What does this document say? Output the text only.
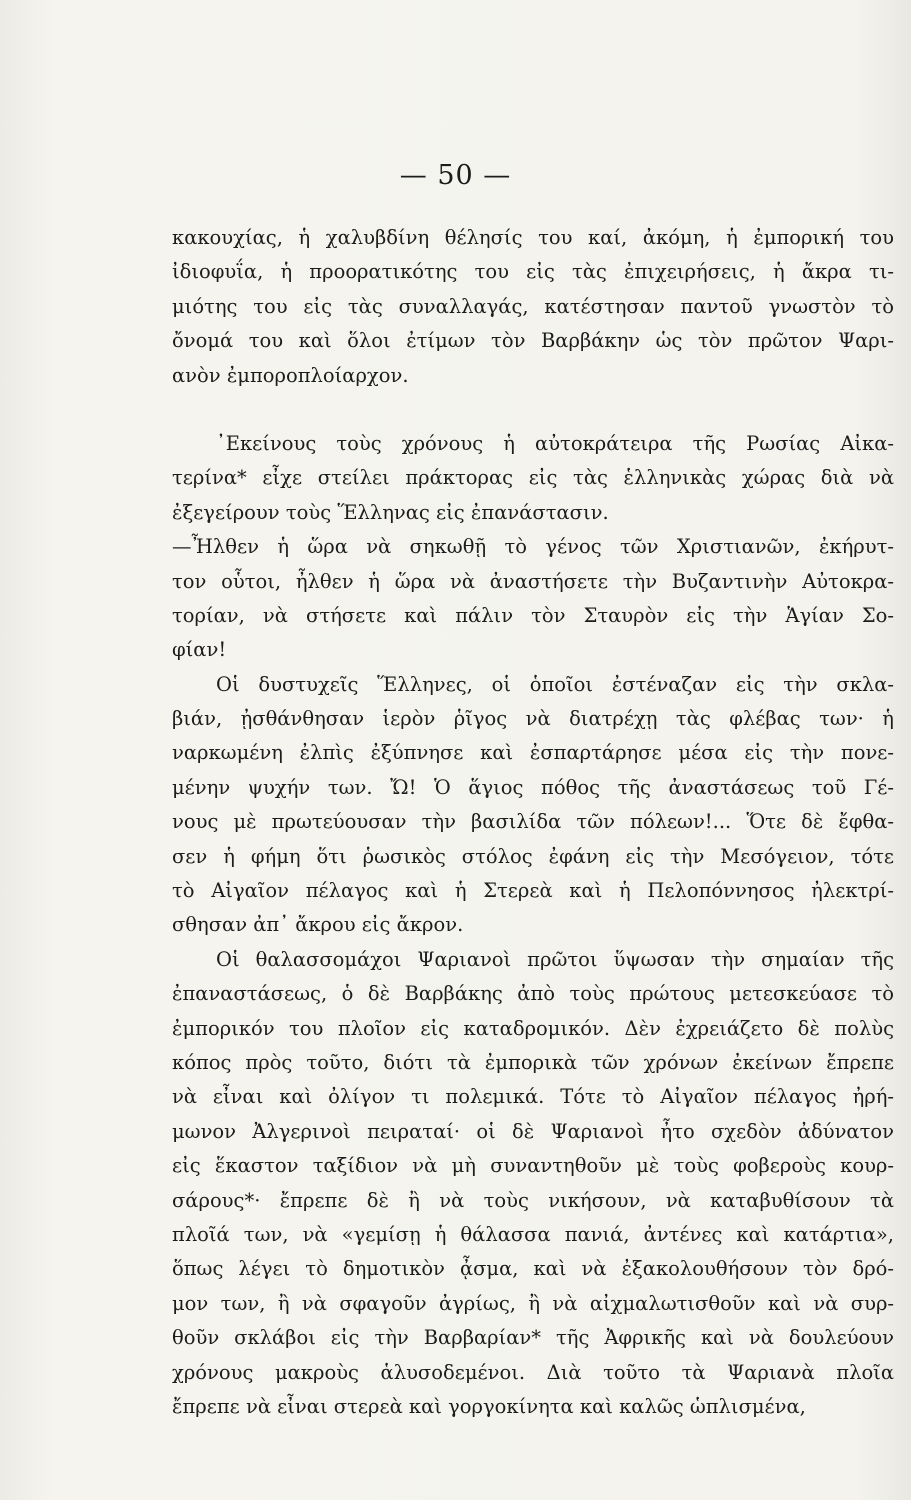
— 50 —
κακουχίας, ἡ χαλυβδίνη θέλησίς του καί, ἀκόμη, ἡ ἐμπορική του
ἰδιοφυΐα, ἡ προορατικότης του εἰς τὰς ἐπιχειρήσεις, ἡ ἄκρα τι-
μιότης του εἰς τὰς συναλλαγάς, κατέστησαν παντοῦ γνωστὸν τὸ
ὄνομά του καὶ ὅλοι ἐτίμων τὸν Βαρβάκην ὡς τὸν πρῶτον Ψαρι-
ανὸν ἐμποροπλοίαρχον.
᾿Εκείνους τοὺς χρόνους ἡ αὐτοκράτειρα τῆς Ρωσίας Αἰκα-
τερίνα* εἶχε στείλει πράκτορας εἰς τὰς ἑλληνικὰς χώρας διὰ νὰ
ἐξεγείρουν τοὺς Ἕλληνας εἰς ἐπανάστασιν.
—Ἦλθεν ἡ ὥρα νὰ σηκωθῇ τὸ γένος τῶν Χριστιανῶν, ἐκήρυτ-
τον οὗτοι, ἦλθεν ἡ ὥρα νὰ ἀναστήσετε τὴν Βυζαντινὴν Αὐτοκρα-
τορίαν, νὰ στήσετε καὶ πάλιν τὸν Σταυρὸν εἰς τὴν Ἁγίαν Σο-
φίαν!
Οἱ δυστυχεῖς Ἕλληνες, οἱ ὁποῖοι ἐστέναζαν εἰς τὴν σκλα-
βιάν, ᾐσθάνθησαν ἱερὸν ῥῖγος νὰ διατρέχῃ τὰς φλέβας των· ἡ
ναρκωμένη ἐλπὶς ἐξύπνησε καὶ ἐσπαρτάρησε μέσα εἰς τὴν πονε-
μένην ψυχήν των. Ὤ! Ὁ ἅγιος πόθος τῆς ἀναστάσεως τοῦ Γέ-
νους μὲ πρωτεύουσαν τὴν βασιλίδα τῶν πόλεων!... Ὅτε δὲ ἔφθα-
σεν ἡ φήμη ὅτι ῥωσικὸς στόλος ἐφάνη εἰς τὴν Μεσόγειον, τότε
τὸ Αἰγαῖον πέλαγος καὶ ἡ Στερεὰ καὶ ἡ Πελοπόννησος ἠλεκτρί-
σθησαν ἀπ᾿ ἄκρου εἰς ἄκρον.
Οἱ θαλασσομάχοι Ψαριανοὶ πρῶτοι ὕψωσαν τὴν σημαίαν τῆς
ἐπαναστάσεως, ὁ δὲ Βαρβάκης ἀπὸ τοὺς πρώτους μετεσκεύασε τὸ
ἐμπορικόν του πλοῖον εἰς καταδρομικόν. Δὲν ἐχρειάζετο δὲ πολὺς
κόπος πρὸς τοῦτο, διότι τὰ ἐμπορικὰ τῶν χρόνων ἐκείνων ἔπρεπε
νὰ εἶναι καὶ ὀλίγον τι πολεμικά. Τότε τὸ Αἰγαῖον πέλαγος ἠρή-
μωνον Ἀλγερινοὶ πειραταί· οἱ δὲ Ψαριανοὶ ἦτο σχεδὸν ἀδύνατον
εἰς ἕκαστον ταξίδιον νὰ μὴ συναντηθοῦν μὲ τοὺς φοβεροὺς κουρ-
σάρους*· ἔπρεπε δὲ ἢ νὰ τοὺς νικήσουν, νὰ καταβυθίσουν τὰ
πλοῖά των, νὰ «γεμίσῃ ἡ θάλασσα πανιά, ἀντένες καὶ κατάρτια»,
ὅπως λέγει τὸ δημοτικὸν ᾆσμα, καὶ νὰ ἐξακολουθήσουν τὸν δρό-
μον των, ἢ νὰ σφαγοῦν ἀγρίως, ἢ νὰ αἰχμαλωτισθοῦν καὶ νὰ συρ-
θοῦν σκλάβοι εἰς τὴν Βαρβαρίαν* τῆς Ἀφρικῆς καὶ νὰ δουλεύουν
χρόνους μακροὺς ἁλυσοδεμένοι. Διὰ τοῦτο τὰ Ψαριανὰ πλοῖα
ἔπρεπε νὰ εἶναι στερεὰ καὶ γοργοκίνητα καὶ καλῶς ὡπλισμένα,
